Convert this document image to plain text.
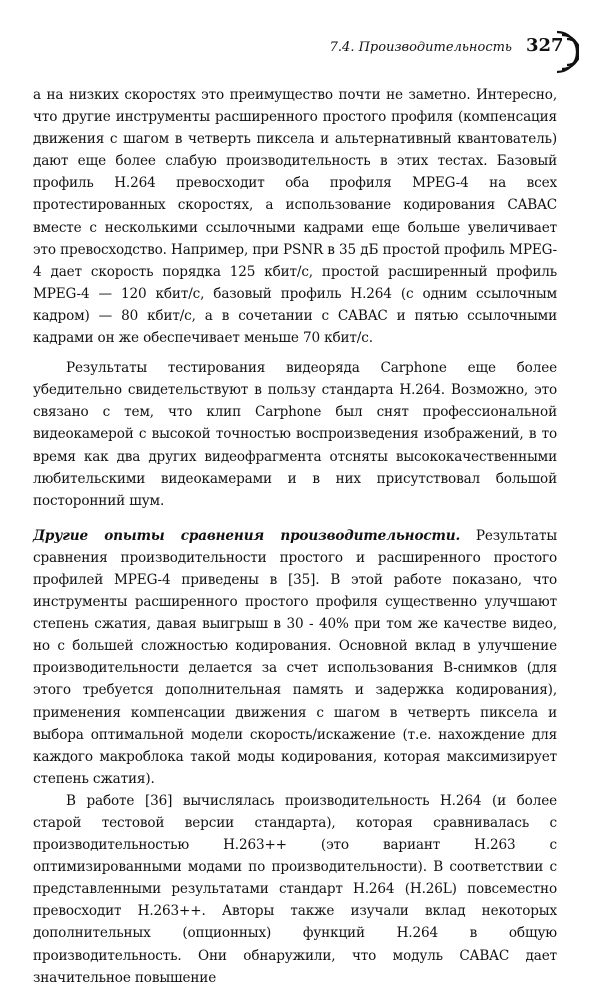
7.4. Производительность 327

а на низких скоростях это преимущество почти не заметно. Интересно, что другие инструменты расширенного простого профиля (компенсация движения с шагом в четверть пиксела и альтернативный квантователь) дают еще более слабую производительность в этих тестах. Базовый профиль H.264 превосходит оба профиля MPEG-4 на всех протестированных скоростях, а использование кодирования CABAC вместе с несколькими ссылочными кадрами еще больше увеличивает это превосходство. Например, при PSNR в 35 дБ простой профиль MPEG-4 дает скорость порядка 125 кбит/с, простой расширенный профиль MPEG-4 — 120 кбит/с, базовый профиль H.264 (с одним ссылочным кадром) — 80 кбит/с, а в сочетании с CABAC и пятью ссылочными кадрами он же обеспечивает меньше 70 кбит/с.

Результаты тестирования видеоряда Carphone еще более убедительно свидетельствуют в пользу стандарта H.264. Возможно, это связано с тем, что клип Carphone был снят профессиональной видеокамерой с высокой точностью воспроизведения изображений, в то время как два других видеофрагмента отсняты высококачественными любительскими видеокамерами и в них присутствовал большой посторонний шум.

Другие опыты сравнения производительности. Результаты сравнения производительности простого и расширенного простого профилей MPEG-4 приведены в [35]. В этой работе показано, что инструменты расширенного простого профиля существенно улучшают степень сжатия, давая выигрыш в 30 - 40% при том же качестве видео, но с большей сложностью кодирования. Основной вклад в улучшение производительности делается за счет использования B-снимков (для этого требуется дополнительная память и задержка кодирования), применения компенсации движения с шагом в четверть пиксела и выбора оптимальной модели скорость/искажение (т.е. нахождение для каждого макроблока такой моды кодирования, которая максимизирует степень сжатия).

В работе [36] вычислялась производительность H.264 (и более старой тестовой версии стандарта), которая сравнивалась с производительностью H.263++ (это вариант H.263 с оптимизированными модами по производительности). В соответствии с представленными результатами стандарт H.264 (H.26L) повсеместно превосходит H.263++. Авторы также изучали вклад некоторых дополнительных (опционных) функций H.264 в общую производительность. Они обнаружили, что модуль CABAC дает значительное повышение
